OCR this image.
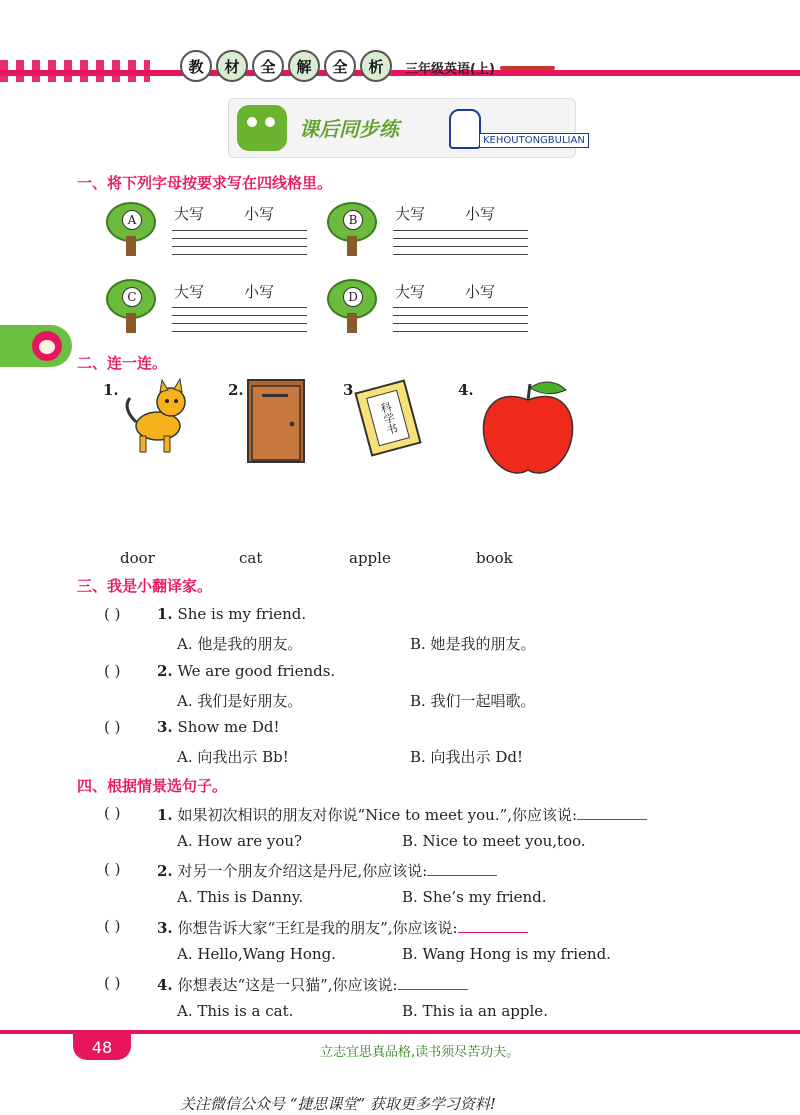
教	材	全	解	全	析	三年级英语(上)
课后同步练	KEHOUTONGBULIAN
一、将下列字母按要求写在四线格里。
A	大写	小写	B	大写	小写
C	大写	小写	D	大写	小写
二、连一连。
1.	2.	3.
科学书
4.
door	cat	apple	book
三、我是小翻译家。
( ) 1. She is my friend.
A. 他是我的朋友。	B. 她是我的朋友。
( ) 2. We are good friends.
A. 我们是好朋友。	B. 我们一起唱歌。
( ) 3. Show me Dd!
A. 向我出示 Bb!	B. 向我出示 Dd!
四、根据情景选句子。
( ) 1. 如果初次相识的朋友对你说“Nice to meet you.”,你应该说:
A. How are you?	B. Nice to meet you,too.
( ) 2. 对另一个朋友介绍这是丹尼,你应该说:
A. This is Danny.	B. She’s my friend.
( ) 3. 你想告诉大家“王红是我的朋友”,你应该说:
A. Hello,Wang Hong.	B. Wang Hong is my friend.
( ) 4. 你想表达“这是一只猫”,你应该说:
A. This is a cat.	B. This ia an apple.
48	立志宜思真品格,读书须尽苦功夫。
关注微信公众号 “捷思课堂” 获取更多学习资料!
